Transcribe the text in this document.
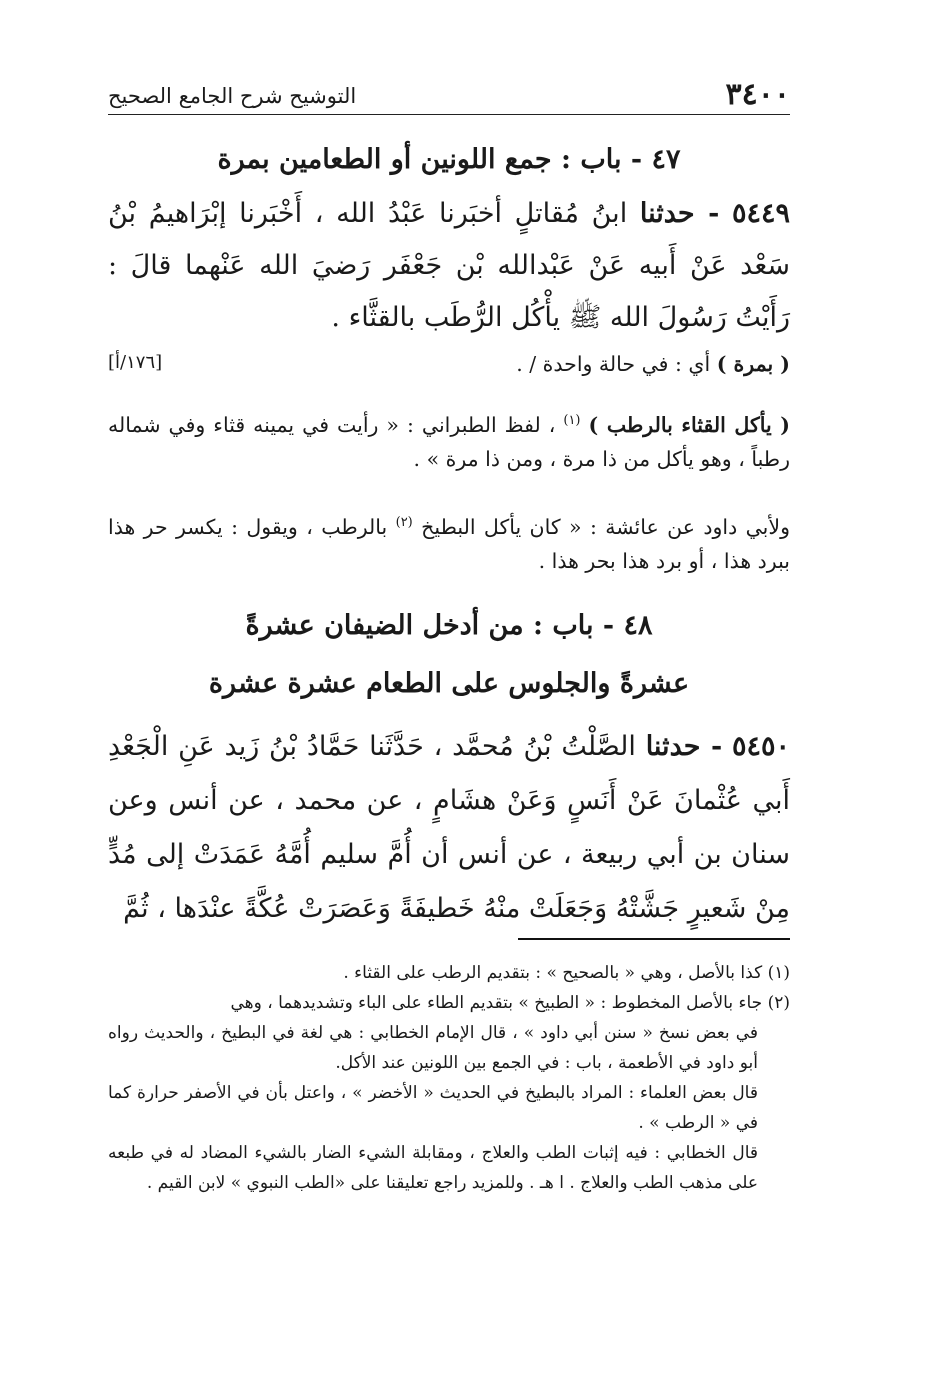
٣٤٠٠
التوشيح شرح الجامع الصحيح
٤٧ - باب : جمع اللونين أو الطعامين بمرة
٥٤٤٩ - حدثنا ابنُ مُقاتلٍ أخبَرنا عَبْدُ الله ، أَخْبَرنا إبْرَاهيمُ بْنُ سَعْد عَنْ أَبيه عَنْ عَبْدالله بْن جَعْفَر رَضيَ الله عَنْهما قالَ : رَأَيْتُ رَسُولَ الله ﷺ يأْكُل الرُّطَب بالقثَّاء .
[١٧٦/أ]	( بمرة ) أي : في حالة واحدة / .
( يأكل القثاء بالرطب ) $^{(١)}$ ، لفظ الطبراني : « رأيت في يمينه قثاء وفي شماله رطباً ، وهو يأكل من ذا مرة ، ومن ذا مرة » .
ولأبي داود عن عائشة : « كان يأكل البطيخ $^{(٢)}$ بالرطب ، ويقول : يكسر حر هذا ببرد هذا ، أو برد هذا بحر هذا .
٤٨ - باب : من أدخل الضيفان عشرةً
عشرةً والجلوس على الطعام عشرة عشرة
٥٤٥٠ - حدثنا الصَّلْتُ بْنُ مُحمَّد ، حَدَّثَنا حَمَّادُ بْنُ زَيد عَنِ الْجَعْدِ أَبي عُثْمانَ عَنْ أَنَسٍ وَعَنْ هشَامٍ ، عن محمد ، عن أنس وعن سنان بن أبي ربيعة ، عن أنس أن أُمَّ سليم أُمَّهُ عَمَدَتْ إلى مُدٍّ مِنْ شَعيرٍ جَشَّتْهُ وَجَعَلَتْ منْهُ خَطيفَةً وَعَصَرَتْ عُكَّةً عنْدَها ، ثُمَّ

(١) كذا بالأصل ، وهي « بالصحيح » : بتقديم الرطب على القثاء .

(٢) جاء بالأصل المخطوط : « الطبيخ » بتقديم الطاء على الباء وتشديدهما ، وهي

في بعض نسخ « سنن أبي داود » ، قال الإمام الخطابي : هي لغة في البطيخ ، والحديث رواه أبو داود في الأطعمة ، باب : في الجمع بين اللونين عند الأكل.

قال بعض العلماء : المراد بالبطيخ في الحديث « الأخضر » ، واعتل بأن في الأصفر حرارة كما في « الرطب » .

قال الخطابي : فيه إثبات الطب والعلاج ، ومقابلة الشيء الضار بالشيء المضاد له في طبعه على مذهب الطب والعلاج . ا هـ . وللمزيد راجع تعليقنا على «الطب النبوي » لابن القيم .
